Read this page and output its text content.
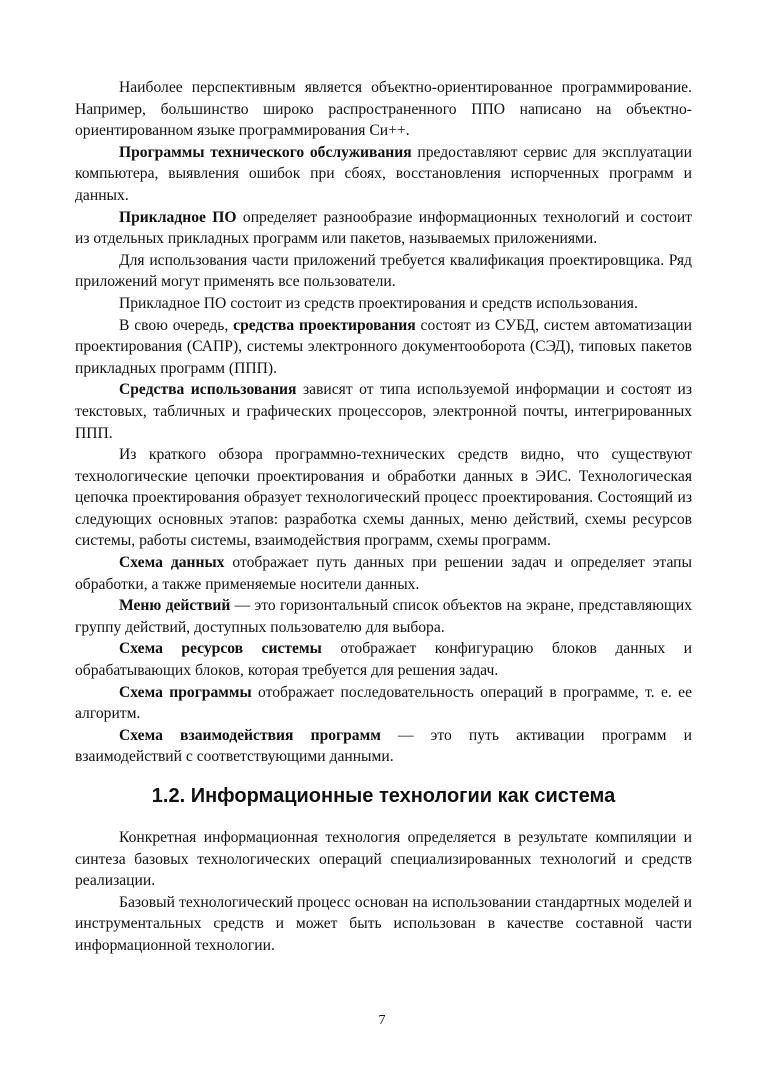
Наиболее перспективным является объектно-ориентированное программирование. Например, большинство широко распространенного ППО написано на объектно-ориентированном языке программирования Си++.

Программы технического обслуживания предоставляют сервис для эксплуатации компьютера, выявления ошибок при сбоях, восстановления испорченных программ и данных.

Прикладное ПО определяет разнообразие информационных технологий и состоит из отдельных прикладных программ или пакетов, называемых приложениями.

Для использования части приложений требуется квалификация проектировщика. Ряд приложений могут применять все пользователи.

Прикладное ПО состоит из средств проектирования и средств использования.

В свою очередь, средства проектирования состоят из СУБД, систем автоматизации проектирования (САПР), системы электронного документооборота (СЭД), типовых пакетов прикладных программ (ППП).

Средства использования зависят от типа используемой информации и состоят из текстовых, табличных и графических процессоров, электронной почты, интегрированных ППП.

Из краткого обзора программно-технических средств видно, что существуют технологические цепочки проектирования и обработки данных в ЭИС. Технологическая цепочка проектирования образует технологический процесс проектирования. Состоящий из следующих основных этапов: разработка схемы данных, меню действий, схемы ресурсов системы, работы системы, взаимодействия программ, схемы программ.

Схема данных отображает путь данных при решении задач и определяет этапы обработки, а также применяемые носители данных.

Меню действий — это горизонтальный список объектов на экране, представляющих группу действий, доступных пользователю для выбора.

Схема ресурсов системы отображает конфигурацию блоков данных и обрабатывающих блоков, которая требуется для решения задач.

Схема программы отображает последовательность операций в программе, т. е. ее алгоритм.

Схема взаимодействия программ — это путь активации программ и взаимодействий с соответствующими данными.

1.2. Информационные технологии как система

Конкретная информационная технология определяется в результате компиляции и синтеза базовых технологических операций специализированных технологий и средств реализации.

Базовый технологический процесс основан на использовании стандартных моделей и инструментальных средств и может быть использован в качестве составной части информационной технологии.

7
